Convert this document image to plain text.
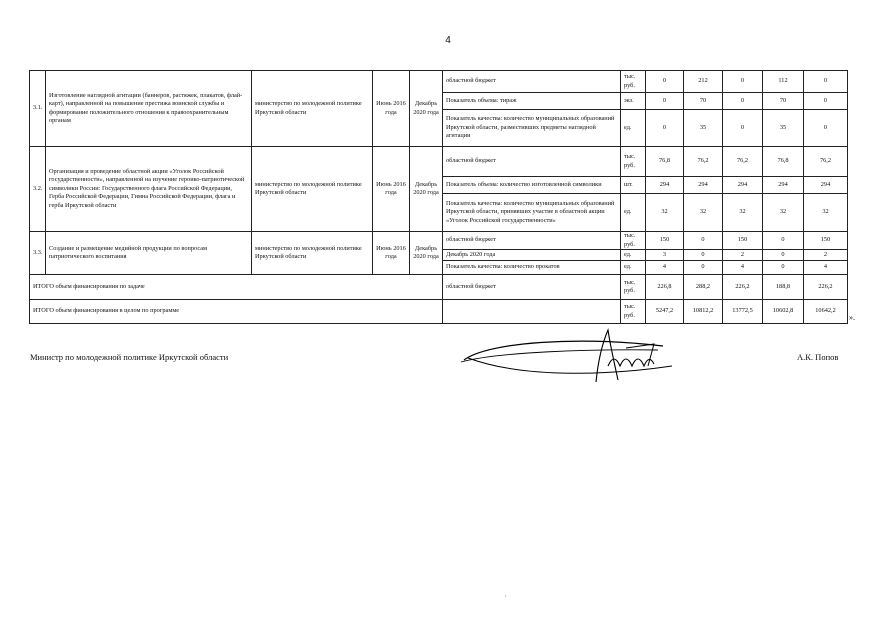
4
3.1.	Изготовление наглядной агитации (баннеров, растяжек, плакатов, флай-карт), направленной на повышение престижа воинской службы и формирование положительного отношения к правоохранительным органам	министерство по молодежной политике Иркутской области	Июнь 2016 года	Декабрь 2020 года	областной бюджет	тыс. руб.	0	212	0	112	0
					Показатель объема: тираж	экз.	0	70	0	70	0
					Показатель качества: количество муниципальных образований Иркутской области, разместивших предметы наглядной агитации	ед.	0	35	0	35	0
3.2.	Организация и проведение областной акции «Уголок Российской государственности», направленной на изучение героико-патриотической символики России: Государственного флага Российской Федерации, Герба Российской Федерации, Гимна Российской Федерации, флага и герба Иркутской области	министерство по молодежной политике Иркутской области	Июнь 2016 года	Декабрь 2020 года	областной бюджет	тыс. руб.	76,8	76,2	76,2	76,8	76,2
					Показатель объема: количество изготовленной символики	шт.	294	294	294	294	294
					Показатель качества: количество муниципальных образований Иркутской области, принявших участие в областной акции «Уголок Российской государственности»	ед.	32	32	32	32	32
3.3.	Создание и размещение медийной продукции по вопросам патриотического воспитания	министерство по молодежной политике Иркутской области	Июнь 2016 года	Декабрь 2020 года	областной бюджет	тыс. руб.	150	0	150	0	150
					Декабрь 2020 года	ед.	3	0	2	0	2
					Показатель качества: количество прокатов	ед.	4	0	4	0	4
ИТОГО объем финансирования по задаче					областной бюджет	тыс. руб.	226,8	288,2	226,2	188,8	226,2
ИТОГО объем финансирования в целом по программе						тыс. руб.	5247,2	10812,2	13772,5	10602,8	10642,2
».
Министр по молодежной политике Иркутской области	А.К. Попов
,
